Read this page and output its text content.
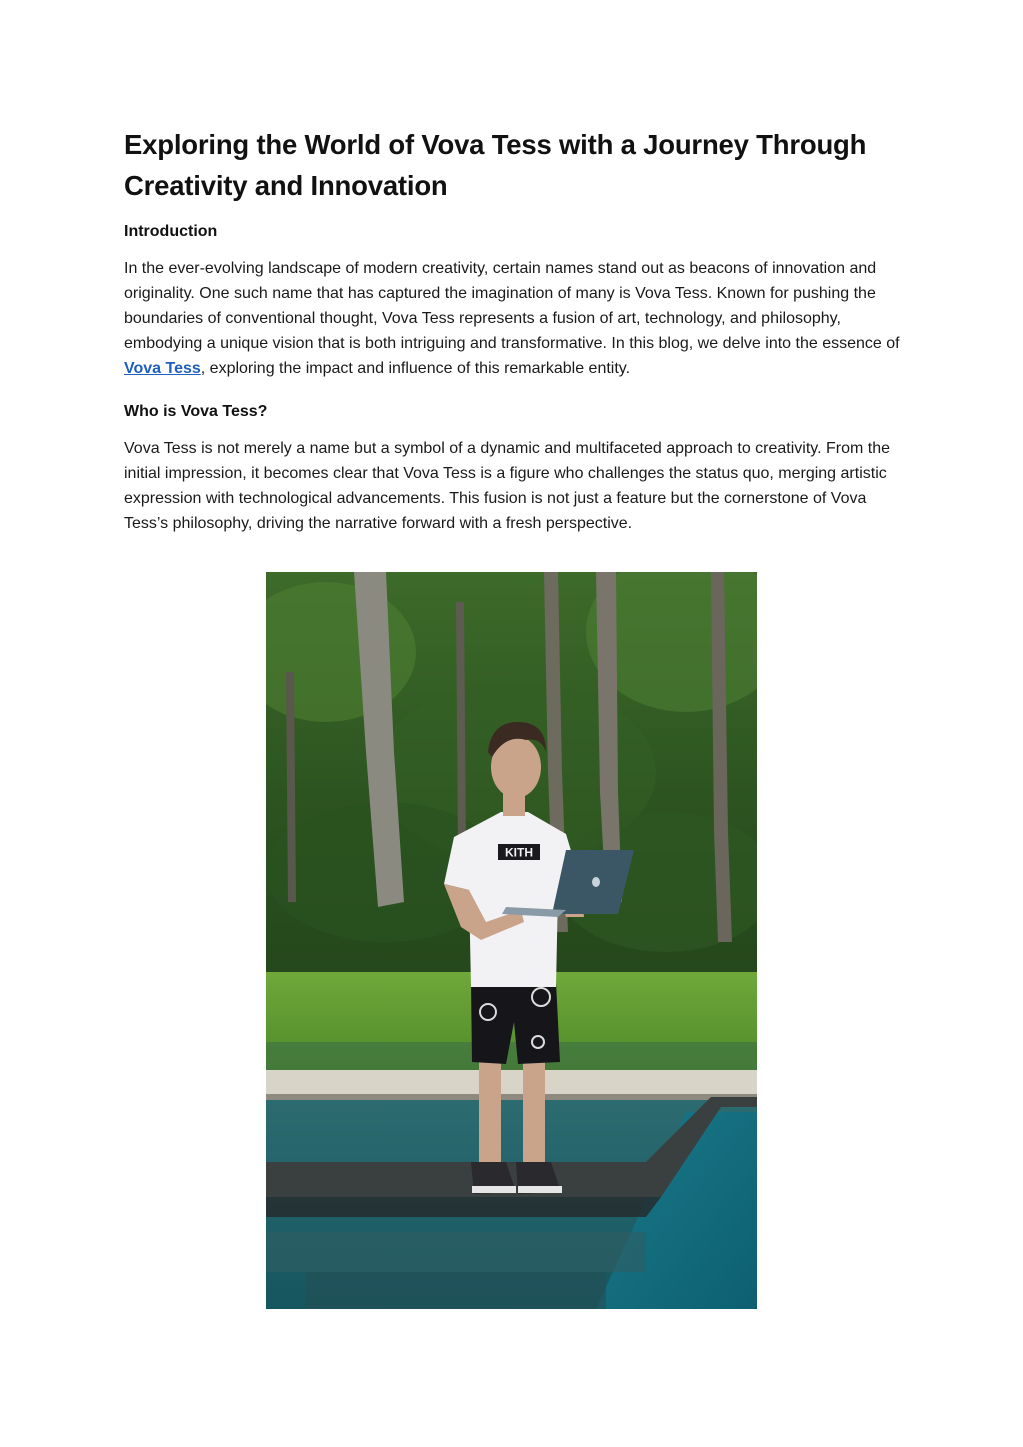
Exploring the World of Vova Tess with a Journey Through Creativity and Innovation
Introduction

In the ever-evolving landscape of modern creativity, certain names stand out as beacons of innovation and originality. One such name that has captured the imagination of many is Vova Tess. Known for pushing the boundaries of conventional thought, Vova Tess represents a fusion of art, technology, and philosophy, embodying a unique vision that is both intriguing and transformative. In this blog, we delve into the essence of Vova Tess, exploring the impact and influence of this remarkable entity.

Who is Vova Tess?

Vova Tess is not merely a name but a symbol of a dynamic and multifaceted approach to creativity. From the initial impression, it becomes clear that Vova Tess is a figure who challenges the status quo, merging artistic expression with technological advancements. This fusion is not just a feature but the cornerstone of Vova Tess’s philosophy, driving the narrative forward with a fresh perspective.

KITH
